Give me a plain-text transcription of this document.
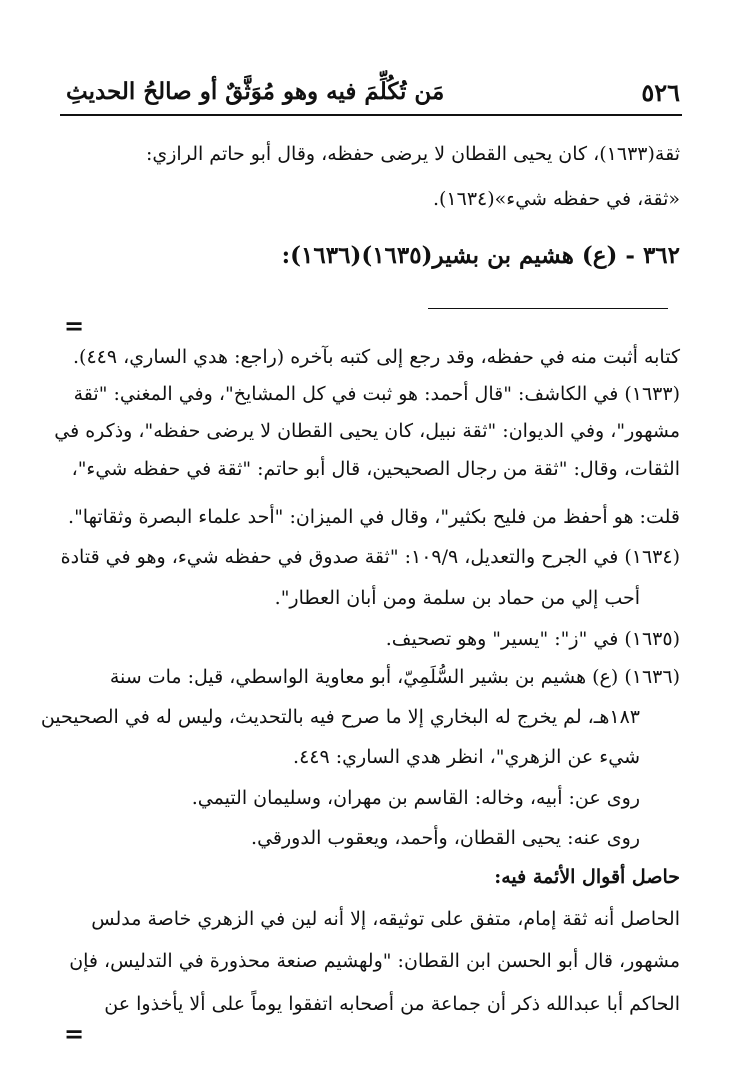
٥٢٦
مَن تُكُلِّمَ فيه وهو مُوَثَّقٌ أو صالحُ الحديثِ
ثقة(١٦٣٣)، كان يحيى القطان لا يرضى حفظه، وقال أبو حاتم الرازي:
«ثقة، في حفظه شيء»(١٦٣٤).
٣٦٢ - (ع) هشيم بن بشير(١٦٣٥)(١٦٣٦):
=
كتابه أثبت منه في حفظه، وقد رجع إلى كتبه بآخره (راجع: هدي الساري، ٤٤٩).
(١٦٣٣) في الكاشف: "قال أحمد: هو ثبت في كل المشايخ"، وفي المغني: "ثقة
مشهور"، وفي الديوان: "ثقة نبيل، كان يحيى القطان لا يرضى حفظه"، وذكره في
الثقات، وقال: "ثقة من رجال الصحيحين، قال أبو حاتم: "ثقة في حفظه شيء"،
قلت: هو أحفظ من فليح بكثير"، وقال في الميزان: "أحد علماء البصرة وثقاتها".
(١٦٣٤) في الجرح والتعديل، ١٠٩/٩: "ثقة صدوق في حفظه شيء، وهو في قتادة
أحب إلي من حماد بن سلمة ومن أبان العطار".
(١٦٣٥) في "ز": "يسير" وهو تصحيف.
(١٦٣٦) (ع) هشيم بن بشير السُّلَمِيّ، أبو معاوية الواسطي، قيل: مات سنة
١٨٣هـ، لم يخرج له البخاري إلا ما صرح فيه بالتحديث، وليس له في الصحيحين
شيء عن الزهري"، انظر هدي الساري: ٤٤٩.
روى عن: أبيه، وخاله: القاسم بن مهران، وسليمان التيمي.
روى عنه: يحيى القطان، وأحمد، ويعقوب الدورقي.
حاصل أقوال الأئمة فيه:
الحاصل أنه ثقة إمام، متفق على توثيقه، إلا أنه لين في الزهري خاصة مدلس
مشهور، قال أبو الحسن ابن القطان: "ولهشيم صنعة محذورة في التدليس، فإن
الحاكم أبا عبدالله ذكر أن جماعة من أصحابه اتفقوا يوماً على ألا يأخذوا عن
=
